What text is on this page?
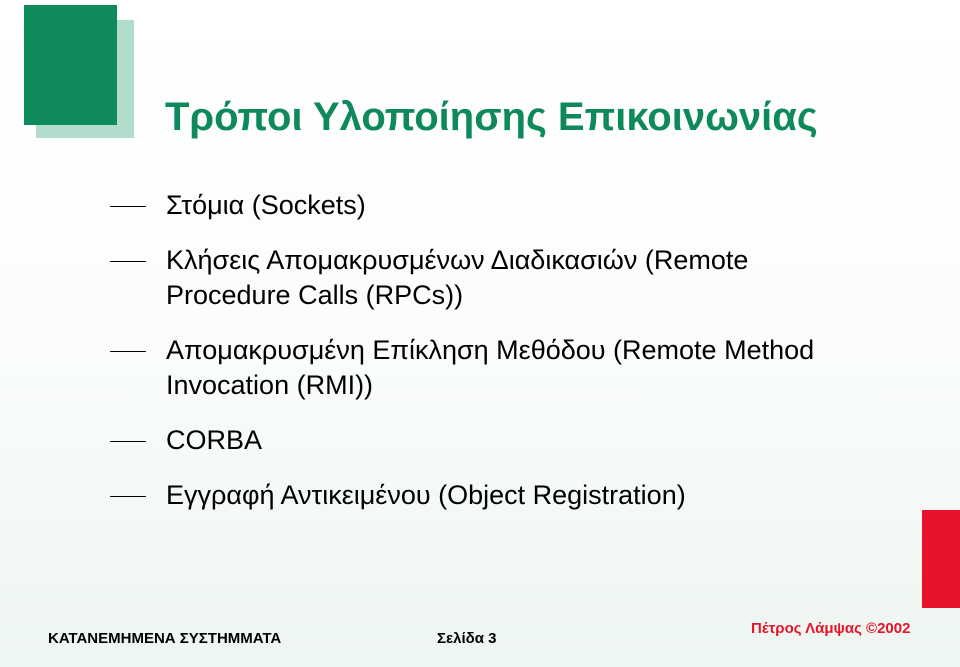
Τρόποι Υλοποίησης Επικοινωνίας
Στόμια (Sockets)
Κλήσεις Απομακρυσμένων Διαδικασιών (Remote Procedure Calls (RPCs))
Απομακρυσμένη Επίκληση Μεθόδου (Remote Method Invocation (RMI))
CORBA
Εγγραφή Αντικειμένου (Object Registration)
ΚΑΤΑΝΕΜΗΜΕΝΑ ΣΥΣΤΗΜΜΑΤΑ	Σελίδα 3
Πέτρος Λάμψας ©2002
